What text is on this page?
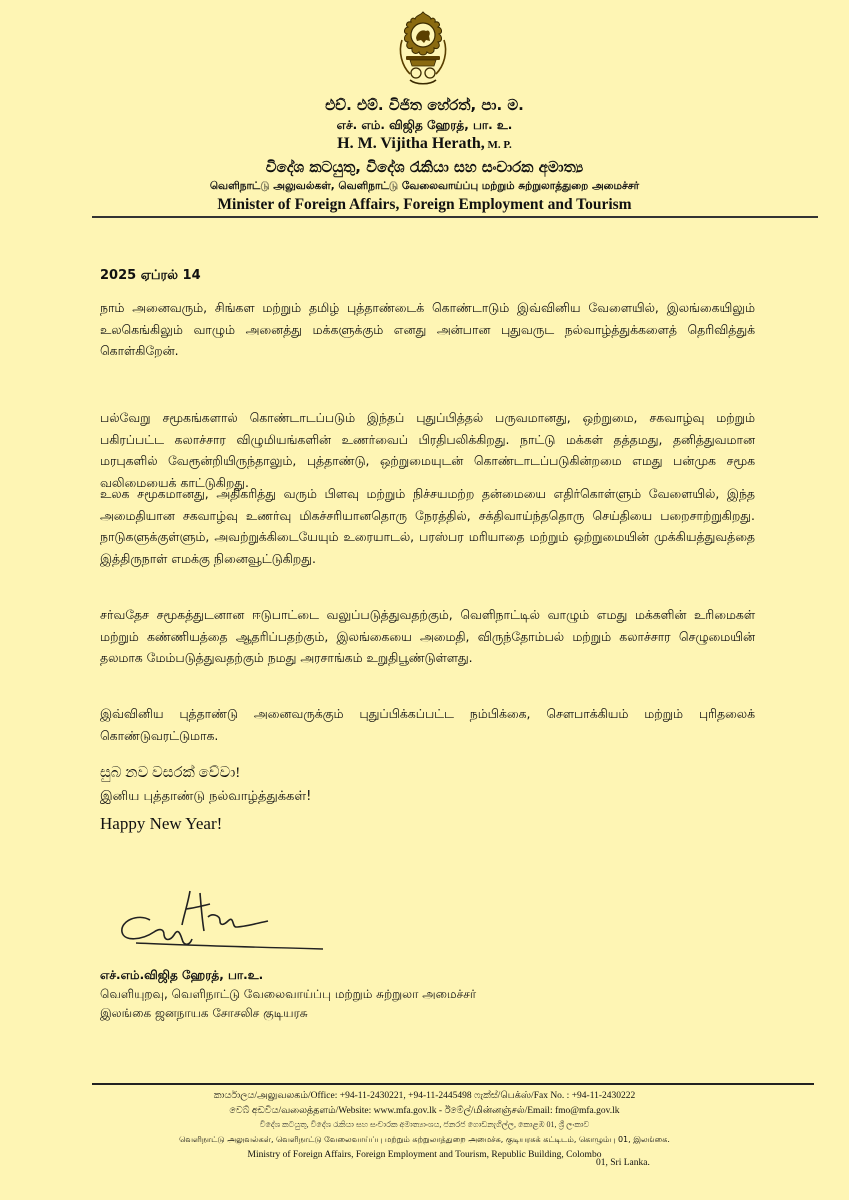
එච්. එම්. විජිත හේරත්, පා. ම.
எச். எம். விஜித ஹேரத், பா. உ.
H. M. Vijitha Herath, M. P.
විදේශ කටයුතු, විදේශ රැකියා සහ සංචාරක අමාත්‍ය
வெளிநாட்டு அலுவல்கள், வெளிநாட்டு வேலைவாய்ப்பு மற்றும் சுற்றுலாத்துறை அமைச்சர்
Minister of Foreign Affairs, Foreign Employment and Tourism
2025 ஏப்ரல் 14

நாம் அனைவரும், சிங்கள மற்றும் தமிழ் புத்தாண்டைக் கொண்டாடும் இவ்வினிய வேளையில், இலங்கையிலும் உலகெங்கிலும் வாழும் அனைத்து மக்களுக்கும் எனது அன்பான புதுவருட நல்வாழ்த்துக்களைத் தெரிவித்துக் கொள்கிறேன்.

பல்வேறு சமூகங்களால் கொண்டாடப்படும் இந்தப் புதுப்பித்தல் பருவமானது, ஒற்றுமை, சகவாழ்வு மற்றும் பகிரப்பட்ட கலாச்சார விழுமியங்களின் உணர்வைப் பிரதிபலிக்கிறது. நாட்டு மக்கள் தத்தமது, தனித்துவமான மரபுகளில் வேரூன்றியிருந்தாலும், புத்தாண்டு, ஒற்றுமையுடன் கொண்டாடப்படுகின்றமை எமது பன்முக சமூக வலிமையைக் காட்டுகிறது.

உலக சமூகமானது, அதிகரித்து வரும் பிளவு மற்றும் நிச்சயமற்ற தன்மையை எதிர்கொள்ளும் வேளையில், இந்த அமைதியான சகவாழ்வு உணர்வு மிகச்சரியானதொரு நேரத்தில், சக்திவாய்ந்ததொரு செய்தியை பறைசாற்றுகிறது. நாடுகளுக்குள்ளும், அவற்றுக்கிடையேயும் உரையாடல், பரஸ்பர மரியாதை மற்றும் ஒற்றுமையின் முக்கியத்துவத்தை இத்திருநாள் எமக்கு நினைவூட்டுகிறது.

சர்வதேச சமூகத்துடனான ஈடுபாட்டை வலுப்படுத்துவதற்கும், வெளிநாட்டில் வாழும் எமது மக்களின் உரிமைகள் மற்றும் கண்ணியத்தை ஆதரிப்பதற்கும், இலங்கையை அமைதி, விருந்தோம்பல் மற்றும் கலாச்சார செழுமையின் தலமாக மேம்படுத்துவதற்கும் நமது அரசாங்கம் உறுதிபூண்டுள்ளது.

இவ்வினிய புத்தாண்டு அனைவருக்கும் புதுப்பிக்கப்பட்ட நம்பிக்கை, சௌபாக்கியம் மற்றும் புரிதலைக் கொண்டுவரட்டுமாக.

සුබ නව වසරක් වේවා!
இனிய புத்தாண்டு நல்வாழ்த்துக்கள்!
Happy New Year!
எச்.எம்.விஜித ஹேரத், பா.உ.
வெளியுறவு, வெளிநாட்டு வேலைவாய்ப்பு மற்றும் சுற்றுலா அமைச்சர்
இலங்கை ஜனநாயக சோசலிச குடியரசு
කාර්යාලය/அலுவலகம்/Office: +94-11-2430221, +94-11-2445498 ෆැක්ස්/பெக்ஸ்/Fax No. : +94-11-2430222
වෙබ් අඩවිය/வலைத்தளம்/Website: www.mfa.gov.lk - ඊමේල්/மின்னஞ்சல்/Email: fmo@mfa.gov.lk
විදේශ කටයුතු, විදේශ රැකියා සහ සංචාරක අමාත්‍යාංශය, ජනරජ ගොඩනැගිල්ල, කොළඹ 01, ශ්‍රී ලංකාව
வெளிநாட்டு அலுவல்கள், வெளிநாட்டு வேலைவாய்ப்பு மற்றும் சுற்றுலாத்துறை அமைச்சு, குடியரசுக் கட்டிடம், கொழும்பு 01, இலங்கை.
Ministry of Foreign Affairs, Foreign Employment and Tourism, Republic Building, Colombo
01, Sri Lanka.
